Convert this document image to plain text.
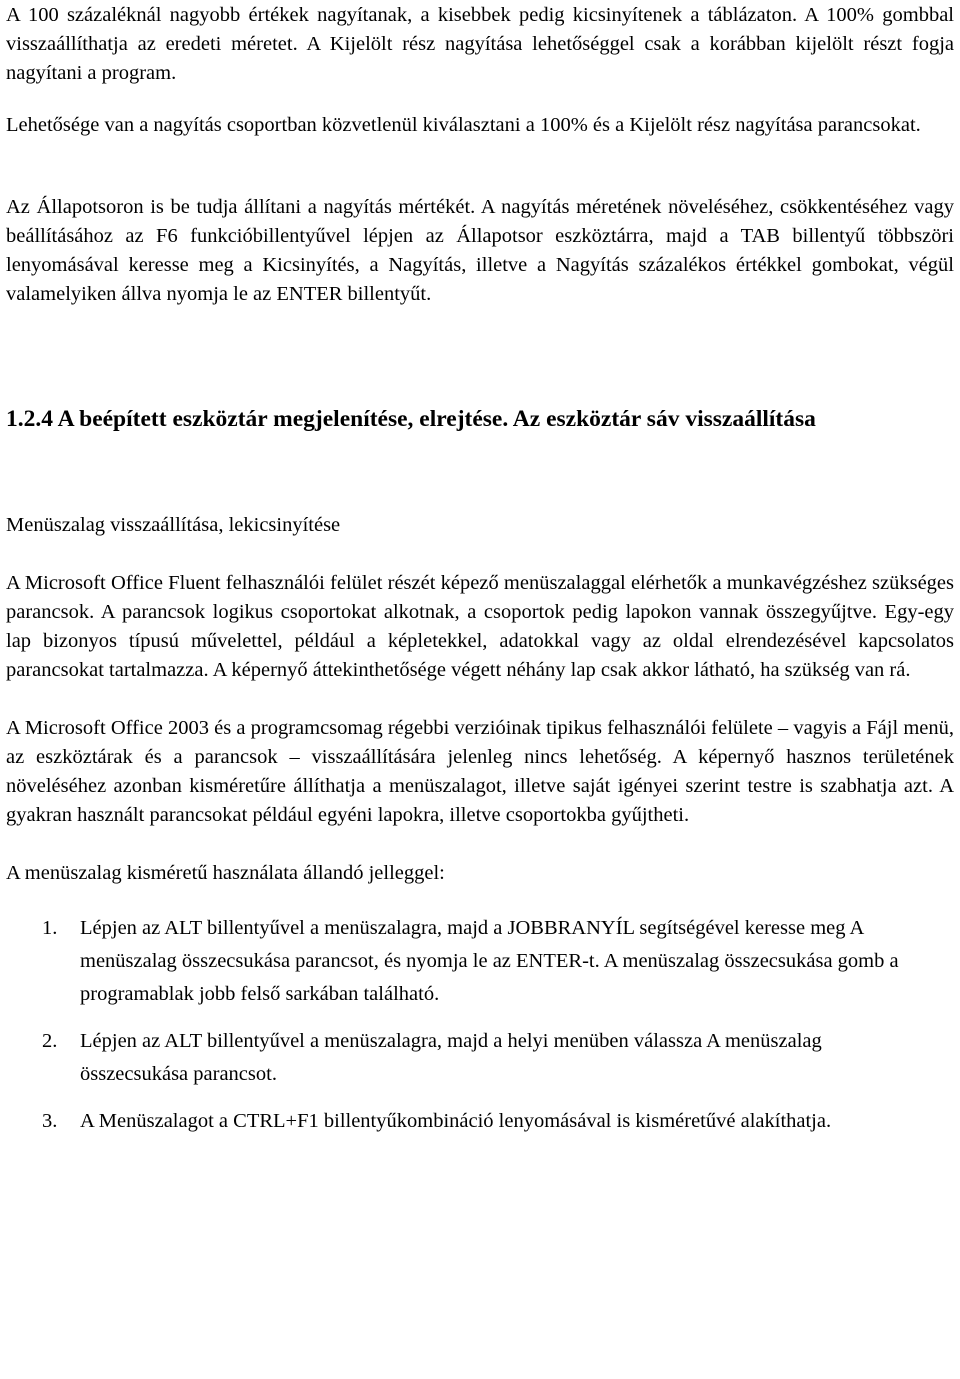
A 100 százaléknál nagyobb értékek nagyítanak, a kisebbek pedig kicsinyítenek a táblázaton. A 100% gombbal visszaállíthatja az eredeti méretet. A Kijelölt rész nagyítása lehetőséggel csak a korábban kijelölt részt fogja nagyítani a program.

Lehetősége van a nagyítás csoportban közvetlenül kiválasztani a 100% és a Kijelölt rész nagyítása parancsokat.

Az Állapotsoron is be tudja állítani a nagyítás mértékét. A nagyítás méretének növeléséhez, csökkentéséhez vagy beállításához az F6 funkcióbillentyűvel lépjen az Állapotsor eszköztárra, majd a TAB billentyű többszöri lenyomásával keresse meg a Kicsinyítés, a Nagyítás, illetve a Nagyítás százalékos értékkel gombokat, végül valamelyiken állva nyomja le az ENTER billentyűt.

1.2.4 A beépített eszköztár megjelenítése, elrejtése. Az eszköztár sáv visszaállítása

Menüszalag visszaállítása, lekicsinyítése

A Microsoft Office Fluent felhasználói felület részét képező menüszalaggal elérhetők a munkavégzéshez szükséges parancsok. A parancsok logikus csoportokat alkotnak, a csoportok pedig lapokon vannak összegyűjtve. Egy-egy lap bizonyos típusú művelettel, például a képletekkel, adatokkal vagy az oldal elrendezésével kapcsolatos parancsokat tartalmazza. A képernyő áttekinthetősége végett néhány lap csak akkor látható, ha szükség van rá.

A Microsoft Office 2003 és a programcsomag régebbi verzióinak tipikus felhasználói felülete – vagyis a Fájl menü, az eszköztárak és a parancsok – visszaállítására jelenleg nincs lehetőség. A képernyő hasznos területének növeléséhez azonban kisméretűre állíthatja a menüszalagot, illetve saját igényei szerint testre is szabhatja azt. A gyakran használt parancsokat például egyéni lapokra, illetve csoportokba gyűjtheti.

A menüszalag kisméretű használata állandó jelleggel:

1. Lépjen az ALT billentyűvel a menüszalagra, majd a JOBBRANYÍL segítségével keresse meg A menüszalag összecsukása parancsot, és nyomja le az ENTER-t. A menüszalag összecsukása gomb a programablak jobb felső sarkában található.
2. Lépjen az ALT billentyűvel a menüszalagra, majd a helyi menüben válassza A menüszalag összecsukása parancsot.
3. A Menüszalagot a CTRL+F1 billentyűkombináció lenyomásával is kisméretűvé alakíthatja.
